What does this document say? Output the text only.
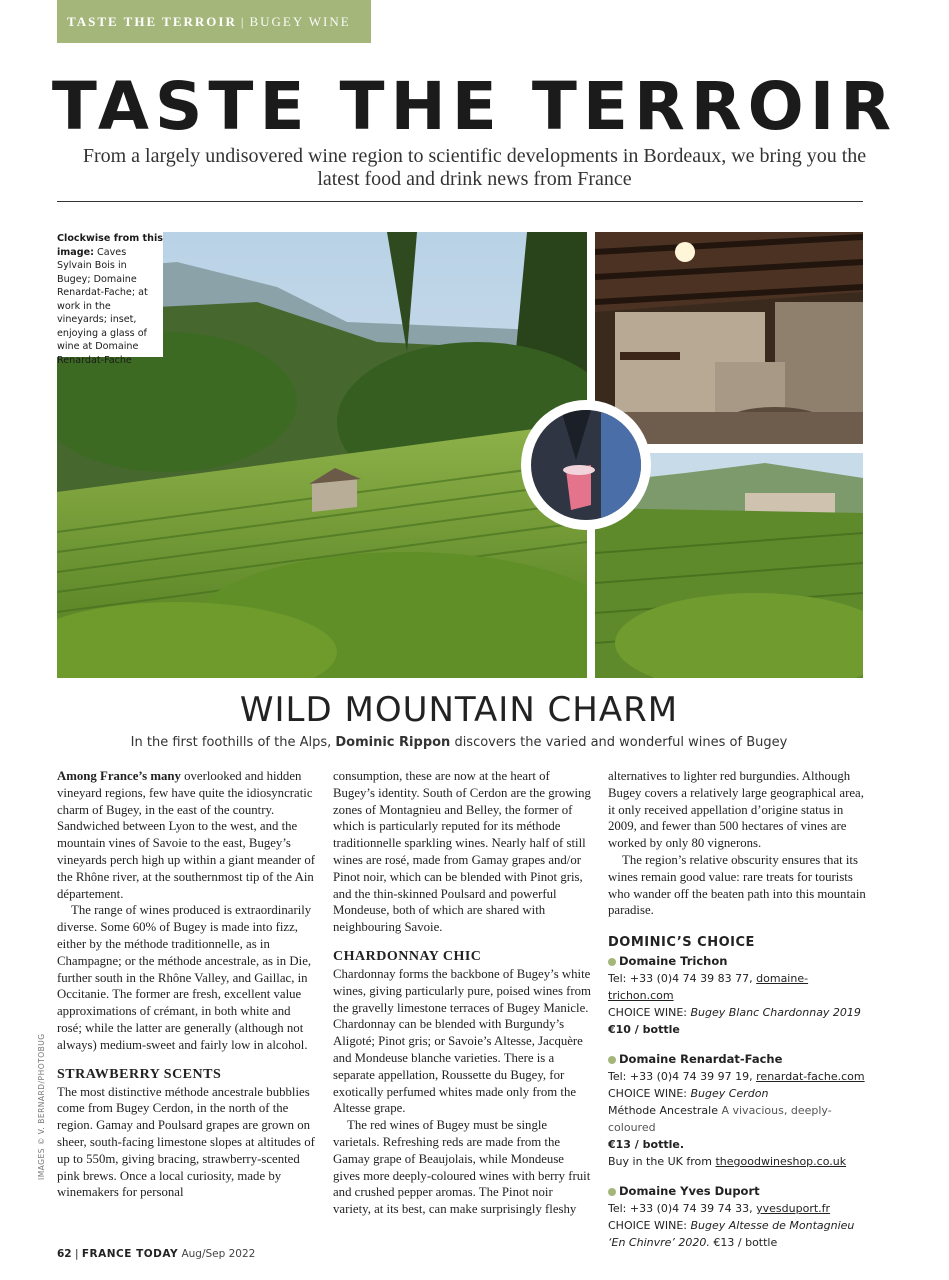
TASTE THE TERROIR | BUGEY WINE
TASTE THE TERROIR
From a largely undisovered wine region to scientific developments in Bordeaux, we bring you the latest food and drink news from France
Clockwise from this image: Caves Sylvain Bois in Bugey; Domaine Renardat-Fache; at work in the vineyards; inset, enjoying a glass of wine at Domaine Renardat-Fache
WILD MOUNTAIN CHARM
In the first foothills of the Alps, Dominic Rippon discovers the varied and wonderful wines of Bugey

Among France’s many overlooked and hidden vineyard regions, few have quite the idiosyncratic charm of Bugey, in the east of the country. Sandwiched between Lyon to the west, and the mountain vines of Savoie to the east, Bugey’s vineyards perch high up within a giant meander of the Rhône river, at the southernmost tip of the Ain département.

The range of wines produced is extraordinarily diverse. Some 60% of Bugey is made into fizz, either by the méthode traditionnelle, as in Champagne; or the méthode ancestrale, as in Die, further south in the Rhône Valley, and Gaillac, in Occitanie. The former are fresh, excellent value approximations of crémant, in both white and rosé; while the latter are generally (although not always) medium-sweet and fairly low in alcohol.

STRAWBERRY SCENTS

The most distinctive méthode ancestrale bubblies come from Bugey Cerdon, in the north of the region. Gamay and Poulsard grapes are grown on sheer, south-facing limestone slopes at altitudes of up to 550m, giving bracing, strawberry-scented pink brews. Once a local curiosity, made by winemakers for personal

consumption, these are now at the heart of Bugey’s identity. South of Cerdon are the growing zones of Montagnieu and Belley, the former of which is particularly reputed for its méthode traditionnelle sparkling wines. Nearly half of still wines are rosé, made from Gamay grapes and/or Pinot noir, which can be blended with Pinot gris, and the thin-skinned Poulsard and powerful Mondeuse, both of which are shared with neighbouring Savoie.

CHARDONNAY CHIC

Chardonnay forms the backbone of Bugey’s white wines, giving particularly pure, poised wines from the gravelly limestone terraces of Bugey Manicle. Chardonnay can be blended with Burgundy’s Aligoté; Pinot gris; or Savoie’s Altesse, Jacquère and Mondeuse blanche varieties. There is a separate appellation, Roussette du Bugey, for exotically perfumed whites made only from the Altesse grape.

The red wines of Bugey must be single varietals. Refreshing reds are made from the Gamay grape of Beaujolais, while Mondeuse gives more deeply-coloured wines with berry fruit and crushed pepper aromas. The Pinot noir variety, at its best, can make surprisingly fleshy

alternatives to lighter red burgundies. Although Bugey covers a relatively large geographical area, it only received appellation d’origine status in 2009, and fewer than 500 hectares of vines are worked by only 80 vignerons.

The region’s relative obscurity ensures that its wines remain good value: rare treats for tourists who wander off the beaten path into this mountain paradise.

DOMINIC’S CHOICE
Domaine Trichon
Tel: +33 (0)4 74 39 83 77, domaine-trichon.com
CHOICE WINE: Bugey Blanc Chardonnay 2019
€10 / bottle
Domaine Renardat-Fache
Tel: +33 (0)4 74 39 97 19, renardat-fache.com
CHOICE WINE: Bugey Cerdon
Méthode Ancestrale A vivacious, deeply-coloured
€13 / bottle.
Buy in the UK from thegoodwineshop.co.uk
Domaine Yves Duport
Tel: +33 (0)4 74 39 74 33, yvesduport.fr
CHOICE WINE: Bugey Altesse de Montagnieu ‘En Chinvre’ 2020. €13 / bottle
IMAGES © V. BERNARD/PHOTOBUG
62 | FRANCE TODAY Aug/Sep 2022
